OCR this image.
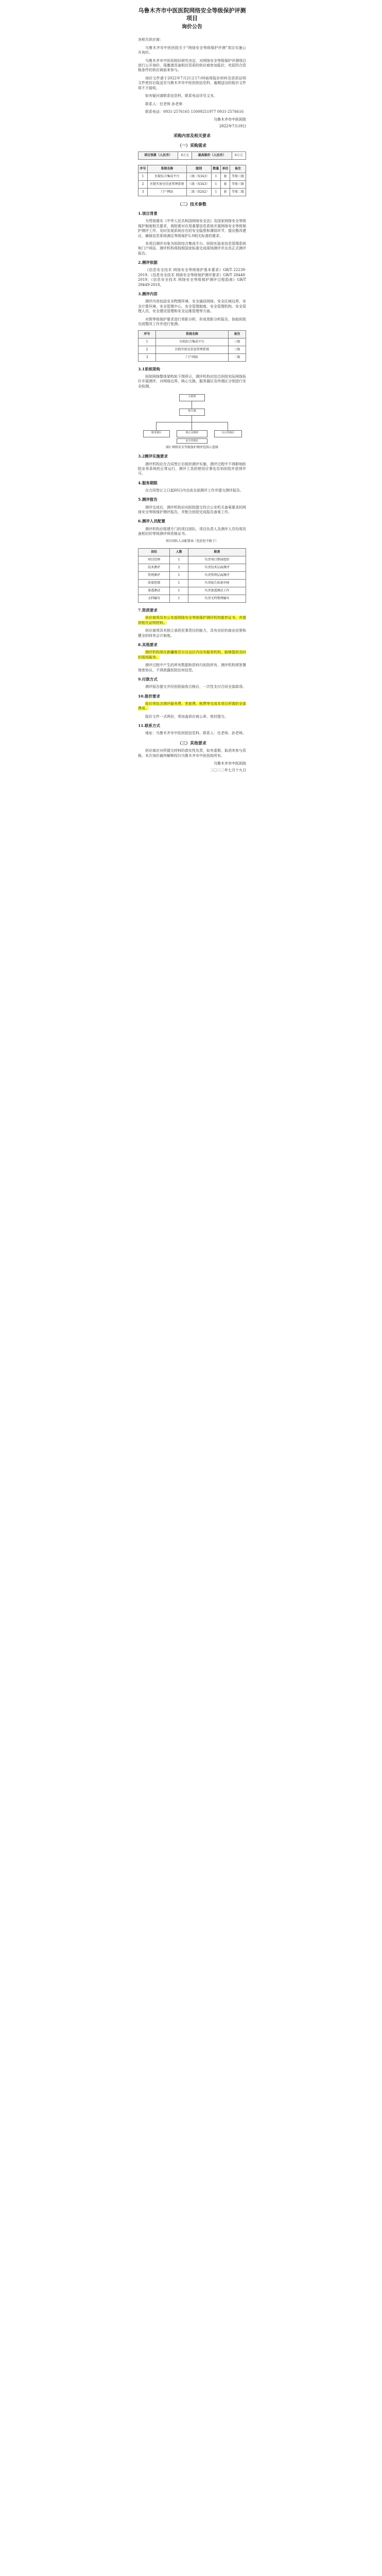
乌鲁木齐市中医医院网络安全等级保护评测项目
询价公告

各相关供应商：

乌鲁木齐市中医医院关于“网络安全等级保护评测”项目实施公开询价。

乌鲁木齐市中医医院经研究决定，对网络安全等级保护评测项目进行公开询价，现邀请具备相应资质的供应商参加报价，欢迎符合资格条件的供应商前来参与。

询价文件请于2022年7月21日17:00前将报价材料及资质证明文件密封后报送至乌鲁木齐市中医医院信息科，逾期送达的报价文件将不予接收。

如有疑问请联系信息科，联系电话详见文末。

联系人：任老师 孙老师

联系电话：0931-2576165 15009251977 0931-2576616

乌鲁木齐市中医医院
2022年7月19日
采购内容及相关要求
（一）采购需求
项目预算（人民币）	6万元	最高限价（人民币）	6万元
序号	系统名称	级别	数量	单位	备注
1	医院综合集成平台	三级（S3A3）	1	套	等保三级
2	医院实验室信息管理系统	三级（S3A3）	1	套	等保三级
3	门户网站	二级（S2A2）	1	套	等保二级
（二）技术参数
1.项目背景

为贯彻落实《中华人民共和国网络安全法》及国家网络安全等级保护制度相关要求，我院需对在用重要信息系统开展网络安全等级保护测评工作，及时发现系统存在的安全隐患和薄弱环节，提出整改建议，确保信息系统满足等级保护2.0相关标准的要求。

本项目测评对象为医院综合集成平台、医院实验室信息管理系统和门户网站，测评机构须按照国家标准完成现场测评并出具正式测评报告。

2.测评依据

《信息安全技术 网络安全等级保护基本要求》GB/T 22239-2019；《信息安全技术 网络安全等级保护测评要求》GB/T 28448-2019；《信息安全技术 网络安全等级保护测评过程指南》GB/T 28449-2018。

3.测评内容

测评内容包括安全物理环境、安全通信网络、安全区域边界、安全计算环境、安全管理中心、安全管理制度、安全管理机构、安全管理人员、安全建设管理和安全运维管理等方面。

对照等级保护要求进行差距分析，形成差距分析报告，协助医院完成整改工作并进行复测。

序号	系统名称	备注
1	医院综合集成平台	三级
2	医院实验室信息管理系统	三级
3	门户网站	二级
3.1系统架构

医院网络整体架构如下图所示，测评机构应结合医院实际网络拓扑开展测评，对网络边界、核心交换、服务器区及终端区分别进行安全检测。

互联网
防火墙
核心交换机
服务器区	办公终端区
安全管理区
图1 网络安全等级保护测评范围示意图
3.2测评实施要求

测评机构应在合同签订后组织测评实施，测评过程中不得影响医院业务系统的正常运行，测评工具的使用应事先告知医院并获得许可。

4.服务期限

自合同签订之日起60日内完成全部测评工作并提交测评报告。

5.测评报告

测评完成后，测评机构应向医院提交符合公安机关备案要求的网络安全等级保护测评报告，并配合医院完成报告备案工作。

6.测评人员配置

测评机构应组建专门的项目团队，项目负责人及测评人员均须具备相应的等级测评师资格证书。

项目团队人员配置表（包括但不限于）
岗位	人数	职责
项目经理	1	负责项目整体组织
技术测评	2	负责技术层面测评
管理测评	1	负责管理层面测评
质量控制	1	负责报告质量审核
渗透测试	1	负责渗透测试工作
文档编写	1	负责文档整理编写
7.资质要求

供应商须具有公安部网络安全等级保护测评机构推荐证书，并提供相关证明材料。

供应商须具有独立承担民事责任的能力，具有良好的商业信誉和健全的财务会计制度。

8.其他要求

测评机构须在新疆维吾尔自治区内设有服务机构，能够提供及时的现场服务。

测评过程中产生的所有数据和资料归医院所有，测评机构须签署保密协议，不得泄露医院任何信息。

9.付款方式

测评报告提交并经医院验收合格后，一次性支付合同全部款项。

10.报价要求

报价须包含测评服务费、差旅费、税费等完成本项目所需的全部费用。

报价文件一式两份，须加盖供应商公章，密封提交。

11.联系方式

地址：乌鲁木齐市中医医院信息科。联系人：任老师、孙老师。

（三）其他要求

供应商应对所提交材料的真实性负责，如有虚假，取消其参与资格。本次询价最终解释权归乌鲁木齐市中医医院所有。

乌鲁木齐市中医医院
二〇二二年七月十九日
